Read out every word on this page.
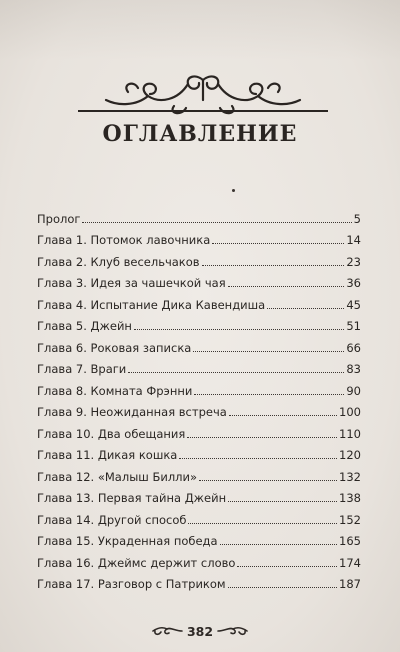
ОГЛАВЛЕНИЕ
Пролог	5
Глава 1. Потомок лавочника	14
Глава 2. Клуб весельчаков	23
Глава 3. Идея за чашечкой чая	36
Глава 4. Испытание Дика Кавендиша	45
Глава 5. Джейн	51
Глава 6. Роковая записка	66
Глава 7. Враги	83
Глава 8. Комната Фрэнни	90
Глава 9. Неожиданная встреча	100
Глава 10. Два обещания	110
Глава 11. Дикая кошка	120
Глава 12. «Малыш Билли»	132
Глава 13. Первая тайна Джейн	138
Глава 14. Другой способ	152
Глава 15. Украденная победа	165
Глава 16. Джеймс держит слово	174
Глава 17. Разговор с Патриком	187
382
